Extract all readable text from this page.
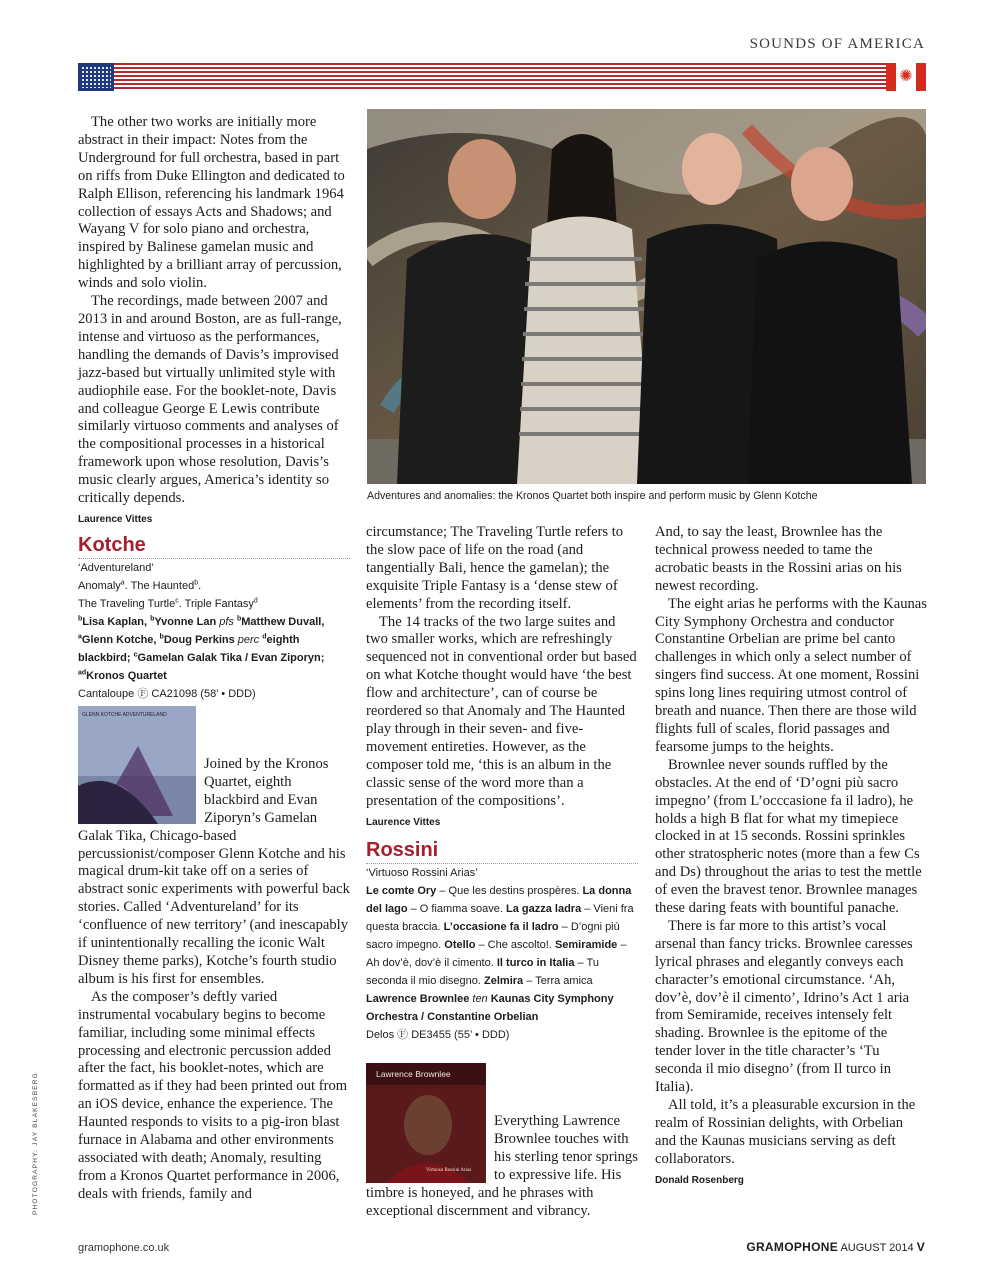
SOUNDS OF AMERICA
✺

The other two works are initially more abstract in their impact: Notes from the Underground for full orchestra, based in part on riffs from Duke Ellington and dedicated to Ralph Ellison, referencing his landmark 1964 collection of essays Acts and Shadows; and Wayang V for solo piano and orchestra, inspired by Balinese gamelan music and highlighted by a brilliant array of percussion, winds and solo violin.

The recordings, made between 2007 and 2013 in and around Boston, are as full-range, intense and virtuoso as the performances, handling the demands of Davis’s improvised jazz-based but virtually unlimited style with audiophile ease. For the booklet-note, Davis and colleague George E Lewis contribute similarly virtuoso comments and analyses of the compositional processes in a historical framework upon whose resolution, Davis’s music clearly argues, America’s identity so critically depends.

Laurence Vittes
Adventures and anomalies: the Kronos Quartet both inspire and perform music by Glenn Kotche
Kotche
‘Adventureland’
Anomaly$^a$. The Haunted$^b$.
The Traveling Turtle$^c$. Triple Fantasy$^d$
$^b$Lisa Kaplan, $^b$Yvonne Lan pfs $^b$Matthew Duvall, $^a$Glenn Kotche, $^b$Doug Perkins perc $^d$eighth blackbird; $^c$Gamelan Galak Tika / Evan Ziporyn; $^{ad}$Kronos Quartet
Cantaloupe Ⓕ CA21098 (58’ • DDD)
GLENN KOTCHE ADVENTURELAND

Joined by the Kronos Quartet, eighth blackbird and Evan Ziporyn’s Gamelan Galak Tika, Chicago-based percussionist/composer Glenn Kotche and his magical drum-kit take off on a series of abstract sonic experiments with powerful back stories. Called ‘Adventureland’ for its ‘confluence of new territory’ (and inescapably if unintentionally recalling the iconic Walt Disney theme parks), Kotche’s fourth studio album is his first for ensembles.

As the composer’s deftly varied instrumental vocabulary begins to become familiar, including some minimal effects processing and electronic percussion added after the fact, his booklet-notes, which are formatted as if they had been printed out from an iOS device, enhance the experience. The Haunted responds to visits to a pig-iron blast furnace in Alabama and other environments associated with death; Anomaly, resulting from a Kronos Quartet performance in 2006, deals with friends, family and

circumstance; The Traveling Turtle refers to the slow pace of life on the road (and tangentially Bali, hence the gamelan); the exquisite Triple Fantasy is a ‘dense stew of elements’ from the recording itself.

The 14 tracks of the two large suites and two smaller works, which are refreshingly sequenced not in conventional order but based on what Kotche thought would have ‘the best flow and architecture’, can of course be reordered so that Anomaly and The Haunted play through in their seven- and five-movement entireties. However, as the composer told me, ‘this is an album in the classic sense of the word more than a presentation of the compositions’.

Laurence Vittes
Rossini
‘Virtuoso Rossini Arias’
Le comte Ory – Que les destins prospères. La donna del lago – O fiamma soave. La gazza ladra – Vieni fra questa braccia. L’occasione fa il ladro – D’ogni più sacro impegno. Otello – Che ascolto!. Semiramide – Ah dov’è, dov’è il cimento. Il turco in Italia – Tu seconda il mio disegno. Zelmira – Terra amica
Lawrence Brownlee ten Kaunas City Symphony Orchestra / Constantine Orbelian
Delos Ⓕ DE3455 (55’ • DDD)
Lawrence Brownlee
Virtuoso Rossini Arias

Everything Lawrence Brownlee touches with his sterling tenor springs to expressive life. His timbre is honeyed, and he phrases with exceptional discernment and vibrancy.

And, to say the least, Brownlee has the technical prowess needed to tame the acrobatic beasts in the Rossini arias on his newest recording.

The eight arias he performs with the Kaunas City Symphony Orchestra and conductor Constantine Orbelian are prime bel canto challenges in which only a select number of singers find success. At one moment, Rossini spins long lines requiring utmost control of breath and nuance. Then there are those wild flights full of scales, florid passages and fearsome jumps to the heights.

Brownlee never sounds ruffled by the obstacles. At the end of ‘D’ogni più sacro impegno’ (from L’occcasione fa il ladro), he holds a high B flat for what my timepiece clocked in at 15 seconds. Rossini sprinkles other stratospheric notes (more than a few Cs and Ds) throughout the arias to test the mettle of even the bravest tenor. Brownlee manages these daring feats with bountiful panache.

There is far more to this artist’s vocal arsenal than fancy tricks. Brownlee caresses lyrical phrases and elegantly conveys each character’s emotional circumstance. ‘Ah, dov’è, dov’è il cimento’, Idrino’s Act 1 aria from Semiramide, receives intensely felt shading. Brownlee is the epitome of the tender lover in the title character’s ‘Tu seconda il mio disegno’ (from Il turco in Italia).

All told, it’s a pleasurable excursion in the realm of Rossinian delights, with Orbelian and the Kaunas musicians serving as deft collaborators.

Donald Rosenberg
PHOTOGRAPHY: JAY BLAKESBERG
gramophone.co.uk	GRAMOPHONE AUGUST 2014 V
